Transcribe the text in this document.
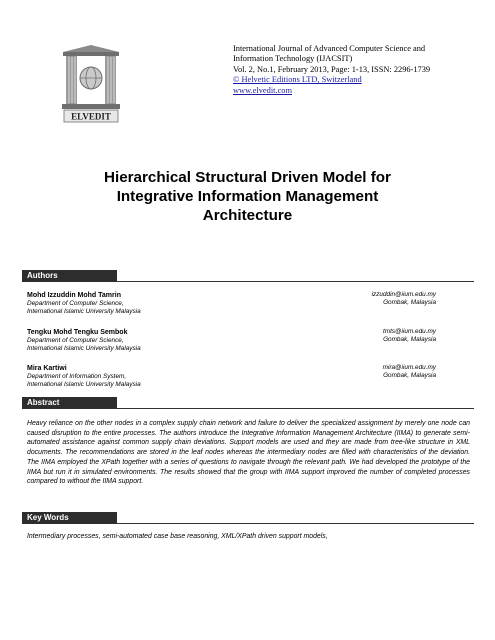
ELVEDIT
International Journal of Advanced Computer Science and
Information Technology (IJACSIT)
Vol. 2, No.1, February 2013, Page: 1-13, ISSN: 2296-1739
© Helvetic Editions LTD, Switzerland
www.elvedit.com
Hierarchical Structural Driven Model for
Integrative Information Management
Architecture
Authors
Mohd Izzuddin Mohd Tamrin
Department of Computer Science,
International Islamic University Malaysia
izzuddin@iium.edu.my
Gombak, Malaysia
Tengku Mohd Tengku Sembok
Department of Computer Science,
International Islamic University Malaysia
tmts@iium.edu.my
Gombak, Malaysia
Mira Kartiwi
Department of Information System,
International Islamic University Malaysia
mira@iium.edu.my
Gombak, Malaysia
Abstract
Heavy reliance on the other nodes in a complex supply chain network and failure to deliver the specialized assignment by merely one node can caused disruption to the entire processes. The authors introduce the Integrative Information Management Architecture (IIMA) to generate semi-automated assistance against common supply chain deviations. Support models are used and they are made from tree-like structure in XML documents. The recommendations are stored in the leaf nodes whereas the intermediary nodes are filled with characteristics of the deviation. The IIMA employed the XPath together with a series of questions to navigate through the relevant path. We had developed the prototype of the IIMA but run it in simulated environments. The results showed that the group with IIMA support improved the number of completed processes compared to without the IIMA support.
Key Words
Intermediary processes, semi-automated case base reasoning, XML/XPath driven support models,
